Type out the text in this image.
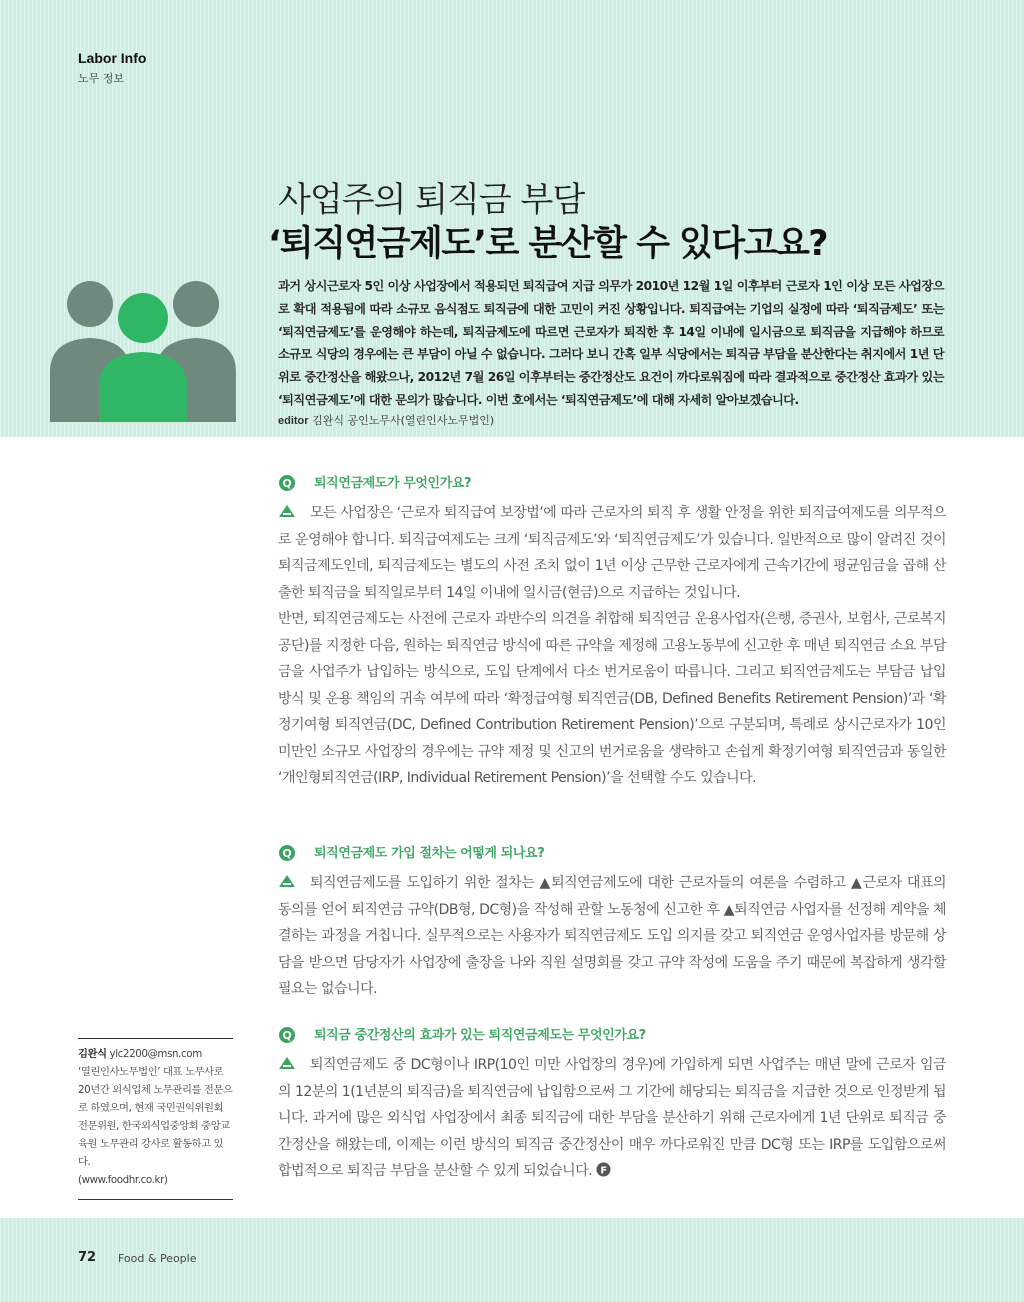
Labor Info
노무 정보
사업주의 퇴직금 부담
‘퇴직연금제도’로 분산할 수 있다고요?
과거 상시근로자 5인 이상 사업장에서 적용되던 퇴직급여 지급 의무가 2010년 12월 1일 이후부터 근로자 1인 이상 모든 사업장으로 확대 적용됨에 따라 소규모 음식점도 퇴직금에 대한 고민이 커진 상황입니다. 퇴직급여는 기업의 실정에 따라 ‘퇴직금제도’ 또는 ‘퇴직연금제도’를 운영해야 하는데, 퇴직금제도에 따르면 근로자가 퇴직한 후 14일 이내에 일시금으로 퇴직금을 지급해야 하므로 소규모 식당의 경우에는 큰 부담이 아닐 수 없습니다. 그러다 보니 간혹 일부 식당에서는 퇴직금 부담을 분산한다는 취지에서 1년 단위로 중간정산을 해왔으나, 2012년 7월 26일 이후부터는 중간정산도 요건이 까다로워짐에 따라 결과적으로 중간정산 효과가 있는 ‘퇴직연금제도’에 대한 문의가 많습니다. 이번 호에서는 ‘퇴직연금제도’에 대해 자세히 알아보겠습니다.
editor 김완식 공인노무사(열린인사노무법인)
Q 퇴직연금제도가 무엇인가요?

모든 사업장은 ‘근로자 퇴직급여 보장법’에 따라 근로자의 퇴직 후 생활 안정을 위한 퇴직급여제도를 의무적으로 운영해야 합니다. 퇴직급여제도는 크게 ‘퇴직금제도’와 ‘퇴직연금제도’가 있습니다. 일반적으로 많이 알려진 것이 퇴직금제도인데, 퇴직금제도는 별도의 사전 조치 없이 1년 이상 근무한 근로자에게 근속기간에 평균임금을 곱해 산출한 퇴직금을 퇴직일로부터 14일 이내에 일시금(현금)으로 지급하는 것입니다.

반면, 퇴직연금제도는 사전에 근로자 과반수의 의견을 취합해 퇴직연금 운용사업자(은행, 증권사, 보험사, 근로복지공단)를 지정한 다음, 원하는 퇴직연금 방식에 따른 규약을 제정해 고용노동부에 신고한 후 매년 퇴직연금 소요 부담금을 사업주가 납입하는 방식으로, 도입 단계에서 다소 번거로움이 따릅니다. 그리고 퇴직연금제도는 부담금 납입 방식 및 운용 책임의 귀속 여부에 따라 ‘확정급여형 퇴직연금(DB, Defined Benefits Retirement Pension)’과 ‘확정기여형 퇴직연금(DC, Defined Contribution Retirement Pension)’으로 구분되며, 특례로 상시근로자가 10인 미만인 소규모 사업장의 경우에는 규약 제정 및 신고의 번거로움을 생략하고 손쉽게 확정기여형 퇴직연금과 동일한 ‘개인형퇴직연금(IRP, Individual Retirement Pension)’을 선택할 수도 있습니다.

Q 퇴직연금제도 가입 절차는 어떻게 되나요?

퇴직연금제도를 도입하기 위한 절차는 ▲퇴직연금제도에 대한 근로자들의 여론을 수렴하고 ▲근로자 대표의 동의를 얻어 퇴직연금 규약(DB형, DC형)을 작성해 관할 노동청에 신고한 후 ▲퇴직연금 사업자를 선정해 계약을 체결하는 과정을 거칩니다. 실무적으로는 사용자가 퇴직연금제도 도입 의지를 갖고 퇴직연금 운영사업자를 방문해 상담을 받으면 담당자가 사업장에 출장을 나와 직원 설명회를 갖고 규약 작성에 도움을 주기 때문에 복잡하게 생각할 필요는 없습니다.

Q 퇴직금 중간정산의 효과가 있는 퇴직연금제도는 무엇인가요?

퇴직연금제도 중 DC형이나 IRP(10인 미만 사업장의 경우)에 가입하게 되면 사업주는 매년 말에 근로자 임금의 12분의 1(1년분의 퇴직금)을 퇴직연금에 납입함으로써 그 기간에 해당되는 퇴직금을 지급한 것으로 인정받게 됩니다. 과거에 많은 외식업 사업장에서 최종 퇴직금에 대한 부담을 분산하기 위해 근로자에게 1년 단위로 퇴직금 중간정산을 해왔는데, 이제는 이런 방식의 퇴직금 중간정산이 매우 까다로워진 만큼 DC형 또는 IRP를 도입함으로써 합법적으로 퇴직금 부담을 분산할 수 있게 되었습니다. F

김완식 ylc2200@msn.com
‘열린인사노무법인’ 대표 노무사로 20년간 외식업체 노무관리를 전문으로 하였으며, 현재 국민권익위원회 전문위원, 한국외식업중앙회 중앙교육원 노무관리 강사로 활동하고 있다.
(www.foodhr.co.kr)
72 Food & People
